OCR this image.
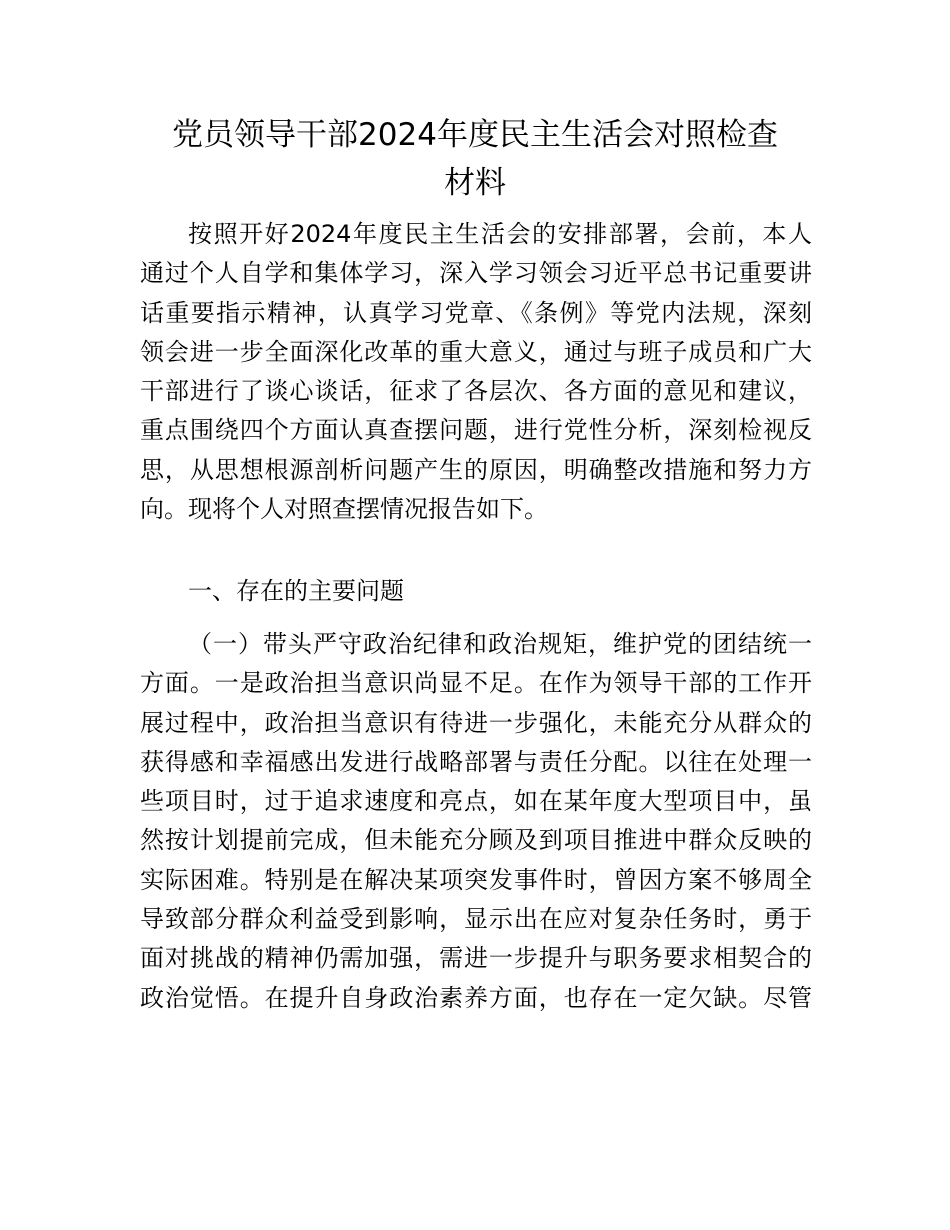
党员领导干部2024年度民主生活会对照检查
材料
按照开好2024年度民主生活会的安排部署，会前，本人
通过个人自学和集体学习，深入学习领会习近平总书记重要讲
话重要指示精神，认真学习党章、《条例》等党内法规，深刻
领会进一步全面深化改革的重大意义，通过与班子成员和广大
干部进行了谈心谈话，征求了各层次、各方面的意见和建议，
重点围绕四个方面认真查摆问题，进行党性分析，深刻检视反
思，从思想根源剖析问题产生的原因，明确整改措施和努力方
向。现将个人对照查摆情况报告如下。
一、存在的主要问题
（一）带头严守政治纪律和政治规矩，维护党的团结统一
方面。一是政治担当意识尚显不足。在作为领导干部的工作开
展过程中，政治担当意识有待进一步强化，未能充分从群众的
获得感和幸福感出发进行战略部署与责任分配。以往在处理一
些项目时，过于追求速度和亮点，如在某年度大型项目中，虽
然按计划提前完成，但未能充分顾及到项目推进中群众反映的
实际困难。特别是在解决某项突发事件时，曾因方案不够周全
导致部分群众利益受到影响，显示出在应对复杂任务时，勇于
面对挑战的精神仍需加强，需进一步提升与职务要求相契合的
政治觉悟。在提升自身政治素养方面，也存在一定欠缺。尽管
